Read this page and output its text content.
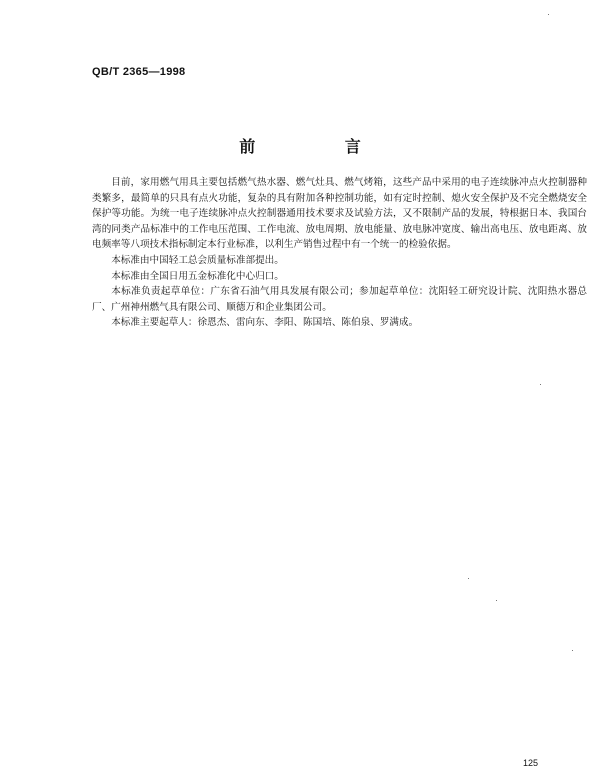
QB/T 2365—1998
前 言

目前，家用燃气用具主要包括燃气热水器、燃气灶具、燃气烤箱，这些产品中采用的电子连续脉冲点火控制器种类繁多，最简单的只具有点火功能，复杂的具有附加各种控制功能，如有定时控制、熄火安全保护及不完全燃烧安全保护等功能。为统一电子连续脉冲点火控制器通用技术要求及试验方法，又不限制产品的发展，特根据日本、我国台湾的同类产品标准中的工作电压范围、工作电流、放电周期、放电能量、放电脉冲宽度、输出高电压、放电距离、放电频率等八项技术指标制定本行业标准，以利生产销售过程中有一个统一的检验依据。

本标准由中国轻工总会质量标准部提出。

本标准由全国日用五金标准化中心归口。

本标准负责起草单位：广东省石油气用具发展有限公司；参加起草单位：沈阳轻工研究设计院、沈阳热水器总厂、广州神州燃气具有限公司、顺德万和企业集团公司。

本标准主要起草人：徐恩杰、雷向东、李阳、陈国培、陈伯泉、罗满成。

125
